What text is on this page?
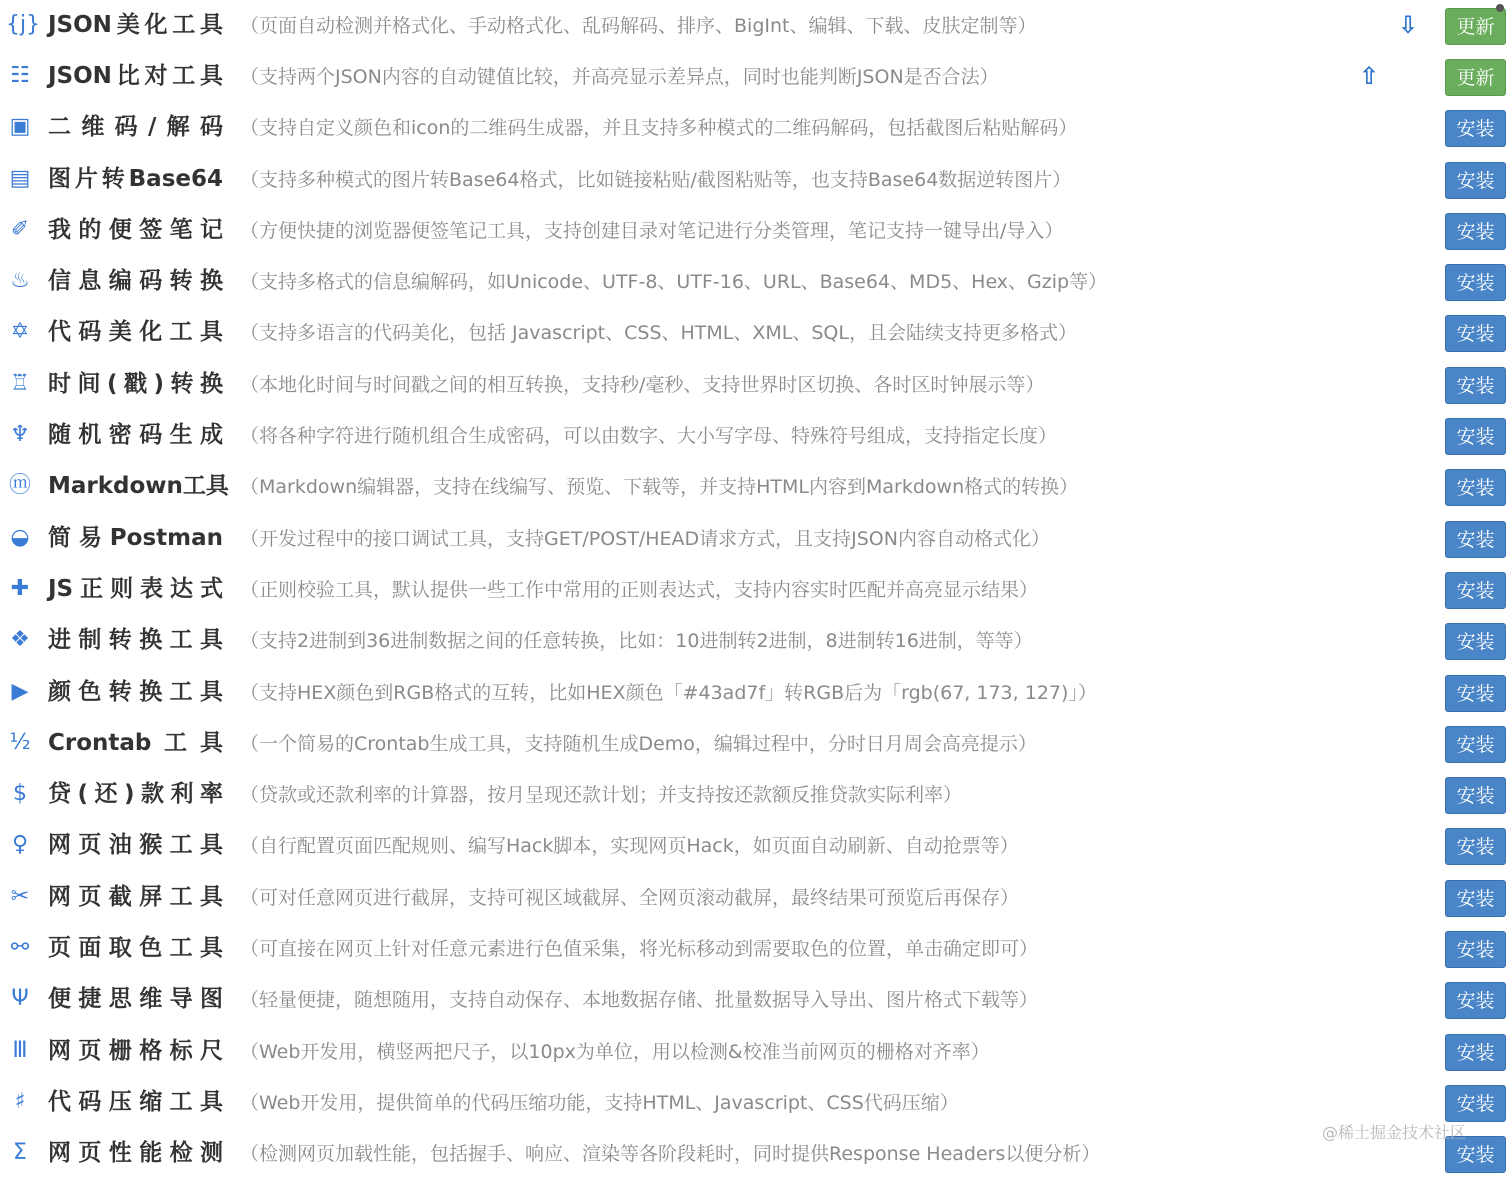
{j} JSON美化工具 （页面自动检测并格式化、手动格式化、乱码解码、排序、BigInt、编辑、下载、皮肤定制等）	⇩	更新
☷ JSON比对工具 （支持两个JSON内容的自动键值比较，并高亮显示差异点，同时也能判断JSON是否合法）	⇧	更新
▣ 二维码/解码 （支持自定义颜色和icon的二维码生成器，并且支持多种模式的二维码解码，包括截图后粘贴解码）	安装
▤ 图片转Base64 （支持多种模式的图片转Base64格式，比如链接粘贴/截图粘贴等，也支持Base64数据逆转图片）	安装
✐ 我的便签笔记 （方便快捷的浏览器便签笔记工具，支持创建目录对笔记进行分类管理，笔记支持一键导出/导入）	安装
♨ 信息编码转换 （支持多格式的信息编解码，如Unicode、UTF-8、UTF-16、URL、Base64、MD5、Hex、Gzip等）	安装
✡ 代码美化工具 （支持多语言的代码美化，包括 Javascript、CSS、HTML、XML、SQL，且会陆续支持更多格式）	安装
♖ 时间(戳)转换 （本地化时间与时间戳之间的相互转换，支持秒/毫秒、支持世界时区切换、各时区时钟展示等）	安装
♆ 随机密码生成 （将各种字符进行随机组合生成密码，可以由数字、大小写字母、特殊符号组成，支持指定长度）	安装
ⓜ Markdown工具 （Markdown编辑器，支持在线编写、预览、下载等，并支持HTML内容到Markdown格式的转换）	安装
◒ 简易Postman （开发过程中的接口调试工具，支持GET/POST/HEAD请求方式，且支持JSON内容自动格式化）	安装
✚ JS正则表达式 （正则校验工具，默认提供一些工作中常用的正则表达式，支持内容实时匹配并高亮显示结果）	安装
❖ 进制转换工具 （支持2进制到36进制数据之间的任意转换，比如：10进制转2进制，8进制转16进制，等等）	安装
▶ 颜色转换工具 （支持HEX颜色到RGB格式的互转，比如HEX颜色「#43ad7f」转RGB后为「rgb(67, 173, 127)」）	安装
½ Crontab工具 （一个简易的Crontab生成工具，支持随机生成Demo，编辑过程中，分时日月周会高亮提示）	安装
$ 贷(还)款利率 （贷款或还款利率的计算器，按月呈现还款计划；并支持按还款额反推贷款实际利率）	安装
♀ 网页油猴工具 （自行配置页面匹配规则、编写Hack脚本，实现网页Hack，如页面自动刷新、自动抢票等）	安装
✂ 网页截屏工具 （可对任意网页进行截屏，支持可视区域截屏、全网页滚动截屏，最终结果可预览后再保存）	安装
⚯ 页面取色工具 （可直接在网页上针对任意元素进行色值采集，将光标移动到需要取色的位置，单击确定即可）	安装
Ψ 便捷思维导图 （轻量便捷，随想随用，支持自动保存、本地数据存储、批量数据导入导出、图片格式下载等）	安装
Ⅲ 网页栅格标尺 （Web开发用，横竖两把尺子，以10px为单位，用以检测&校准当前网页的栅格对齐率）	安装
♯ 代码压缩工具 （Web开发用，提供简单的代码压缩功能，支持HTML、Javascript、CSS代码压缩）	安装
Σ 网页性能检测 （检测网页加载性能，包括握手、响应、渲染等各阶段耗时，同时提供Response Headers以便分析）	安装
@稀土掘金技术社区
